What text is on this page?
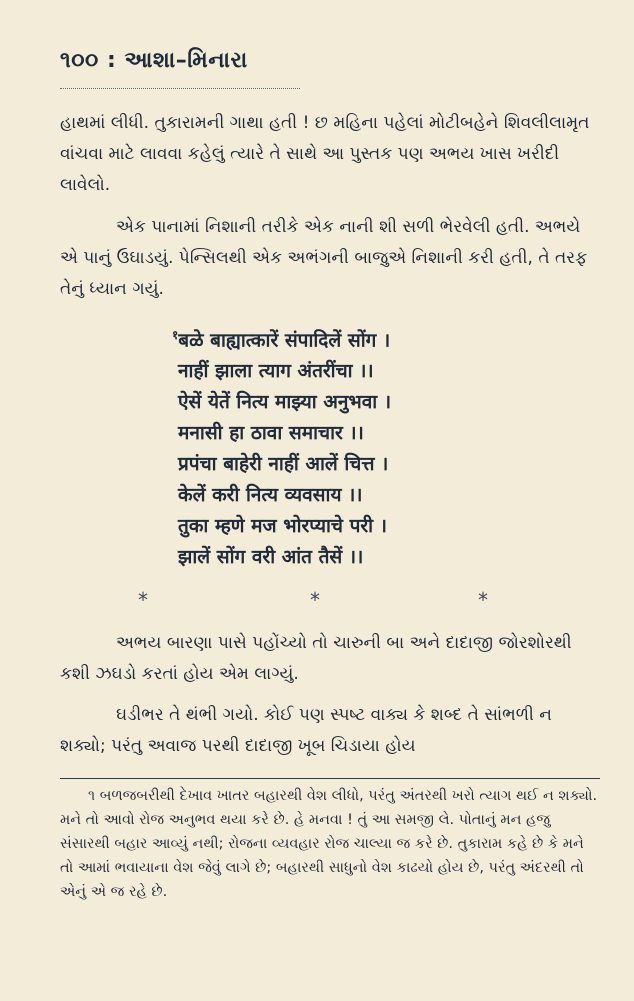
૧૦૦ : આશા–મિનારા
હાથમાં લીધી. તુકારામની ગાથા હતી ! છ મહિના પહેલાં મોટીબહેને શિવલીલામૃત વાંચવા માટે લાવવા કહેલું ત્યારે તે સાથે આ પુસ્તક પણ અભય ખાસ ખરીદી લાવેલો.
એક પાનામાં નિશાની તરીકે એક નાની શી સળી ભેરવેલી હતી. અભયે એ પાનું ઉઘાડયું. પેન્સિલથી એક અભંગની બાજુએ નિશાની કરી હતી, તે તરફ તેનું ધ્યાન ગયું.
$^१$बळे बाह्यात्कारें संपादिलें सोंग ।
नाहीं झाला त्याग अंतरींचा ।।
ऐसें येतें नित्य माझ्या अनुभवा ।
मनासी हा ठावा समाचार ।।
प्रपंचा बाहेरी नाहीं आलें चित्त ।
केलें करी नित्य व्यवसाय ।।
तुका म्हणे मज भोरप्याचे परी ।
झालें सोंग वरी आंत तैसें ।।
*	*	*
અભય બારણા પાસે પહોંચ્યો તો ચારુની બા અને દાદાજી જોરશોરથી કશી ઝઘડો કરતાં હોય એમ લાગ્યું.
ઘડીભર તે થંભી ગયો. કોઈ પણ સ્પષ્ટ વાક્ય કે શબ્દ તે સાંભળી ન શક્યો; પરંતુ અવાજ પરથી દાદાજી ખૂબ ચિડાયા હોય
૧ બળજબરીથી દેખાવ ખાતર બહારથી વેશ લીધો, પરંતુ અંતરથી ખરો ત્યાગ થઈ ન શક્યો. મને તો આવો રોજ અનુભવ થયા કરે છે. હે મનવા ! તું આ સમજી લે. પોતાનું મન હજુ સંસારથી બહાર આવ્યું નથી; રોજના વ્યવહાર રોજ ચાલ્યા જ કરે છે. તુકારામ કહે છે કે મને તો આમાં ભવાયાના વેશ જેવું લાગે છે; બહારથી સાધુનો વેશ કાઢયો હોય છે, પરંતુ અંદરથી તો એનું એ જ રહે છે.
